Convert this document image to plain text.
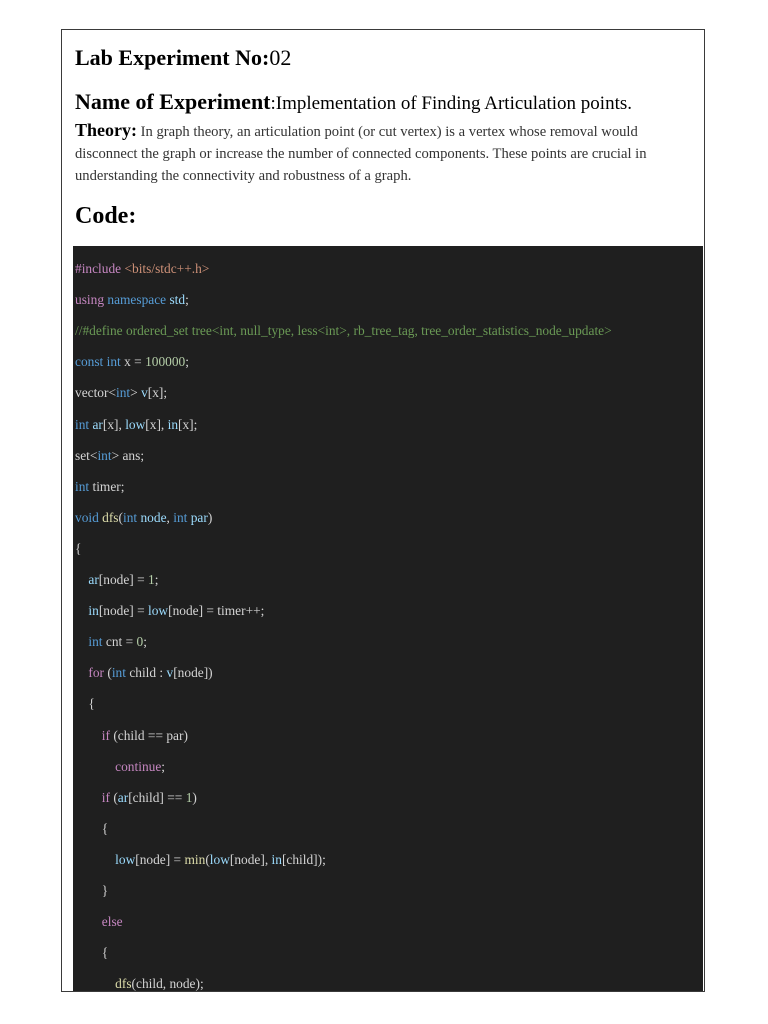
Lab Experiment No:02
Name of Experiment:Implementation of Finding Articulation points.
Theory: In graph theory, an articulation point (or cut vertex) is a vertex whose removal would disconnect the graph or increase the number of connected components. These points are crucial in understanding the connectivity and robustness of a graph.
Code:
#include <bits/stdc++.h>
using namespace std;
//#define ordered_set tree<int, null_type, less<int>, rb_tree_tag, tree_order_statistics_node_update>
const int x = 100000;
vector<int> v[x];
int ar[x], low[x], in[x];
set<int> ans;
int timer;
void dfs(int node, int par)
{
ar[node] = 1;
in[node] = low[node] = timer++;
int cnt = 0;
for (int child : v[node])
{
if (child == par)
continue;
if (ar[child] == 1)
{
low[node] = min(low[node], in[child]);
}
else
{
dfs(child, node);
